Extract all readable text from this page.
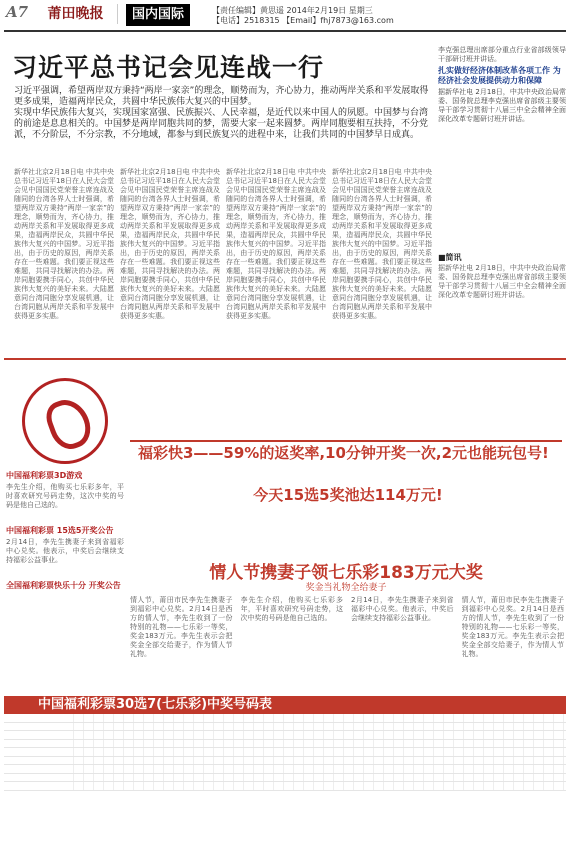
A7	莆田晚报	国内国际	【责任编辑】黄思遥 2014年2月19日 星期三
【电话】2518315 【Email】fhj7873@163.com
习近平总书记会见连战一行

习近平强调，希望两岸双方秉持“两岸一家亲”的理念，顺势而为，齐心协力，推动两岸关系和平发展取得更多成果，造福两岸民众，共圆中华民族伟大复兴的中国梦。

实现中华民族伟大复兴，实现国家富强、民族振兴、人民幸福，是近代以来中国人的夙愿。中国梦与台湾的前途是息息相关的。中国梦是两岸同胞共同的梦，需要大家一起来圆梦。两岸同胞要相互扶持，不分党派，不分阶层，不分宗教，不分地域，都参与到民族复兴的进程中来，让我们共同的中国梦早日成真。

新华社北京2月18日电 中共中央总书记习近平18日在人民大会堂会见中国国民党荣誉主席连战及随同的台湾各界人士时强调，希望两岸双方秉持“两岸一家亲”的理念，顺势而为，齐心协力，推动两岸关系和平发展取得更多成果，造福两岸民众，共圆中华民族伟大复兴的中国梦。习近平指出，由于历史的原因，两岸关系存在一些难题。我们要正视这些难题，共同寻找解决的办法。两岸同胞要携手同心，共创中华民族伟大复兴的美好未来。大陆愿意同台湾同胞分享发展机遇，让台湾同胞从两岸关系和平发展中获得更多实惠。
新华社北京2月18日电 中共中央总书记习近平18日在人民大会堂会见中国国民党荣誉主席连战及随同的台湾各界人士时强调，希望两岸双方秉持“两岸一家亲”的理念，顺势而为，齐心协力，推动两岸关系和平发展取得更多成果，造福两岸民众，共圆中华民族伟大复兴的中国梦。习近平指出，由于历史的原因，两岸关系存在一些难题。我们要正视这些难题，共同寻找解决的办法。两岸同胞要携手同心，共创中华民族伟大复兴的美好未来。大陆愿意同台湾同胞分享发展机遇，让台湾同胞从两岸关系和平发展中获得更多实惠。
新华社北京2月18日电 中共中央总书记习近平18日在人民大会堂会见中国国民党荣誉主席连战及随同的台湾各界人士时强调，希望两岸双方秉持“两岸一家亲”的理念，顺势而为，齐心协力，推动两岸关系和平发展取得更多成果，造福两岸民众，共圆中华民族伟大复兴的中国梦。习近平指出，由于历史的原因，两岸关系存在一些难题。我们要正视这些难题，共同寻找解决的办法。两岸同胞要携手同心，共创中华民族伟大复兴的美好未来。大陆愿意同台湾同胞分享发展机遇，让台湾同胞从两岸关系和平发展中获得更多实惠。
新华社北京2月18日电 中共中央总书记习近平18日在人民大会堂会见中国国民党荣誉主席连战及随同的台湾各界人士时强调，希望两岸双方秉持“两岸一家亲”的理念，顺势而为，齐心协力，推动两岸关系和平发展取得更多成果，造福两岸民众，共圆中华民族伟大复兴的中国梦。习近平指出，由于历史的原因，两岸关系存在一些难题。我们要正视这些难题，共同寻找解决的办法。两岸同胞要携手同心，共创中华民族伟大复兴的美好未来。大陆愿意同台湾同胞分享发展机遇，让台湾同胞从两岸关系和平发展中获得更多实惠。

李克强总理出席部分重点行业省部级领导干部研讨班并讲话。

扎实做好经济体制改革各项工作 为经济社会发展提供动力和保障

据新华社电 2月18日，中共中央政治局常委、国务院总理李克强出席省部级主要领导干部学习贯彻十八届三中全会精神全面深化改革专题研讨班并讲话。

■简讯
据新华社电 2月18日，中共中央政治局常委、国务院总理李克强出席省部级主要领导干部学习贯彻十八届三中全会精神全面深化改革专题研讨班并讲话。
中国福利彩票3D游戏
李先生介绍，他购买七乐彩多年，平时喜欢研究号码走势，这次中奖的号码是他自己选的。
中国福利彩票 15选5开奖公告
2月14日，李先生携妻子来到省福彩中心兑奖。他表示，中奖后会继续支持福彩公益事业。
全国福利彩票快乐十分 开奖公告
福彩快3——59%的返奖率,10分钟开奖一次,2元也能玩包号!
今天15选5奖池达114万元!
情人节携妻子领七乐彩183万元大奖
奖金当礼物全给妻子
情人节，莆田市民李先生携妻子到福彩中心兑奖。2月14日是西方的情人节，李先生收到了一份特别的礼物——七乐彩一等奖，奖金183万元。李先生表示会把奖金全部交给妻子，作为情人节礼物。
李先生介绍，他购买七乐彩多年，平时喜欢研究号码走势，这次中奖的号码是他自己选的。
2月14日，李先生携妻子来到省福彩中心兑奖。他表示，中奖后会继续支持福彩公益事业。
情人节，莆田市民李先生携妻子到福彩中心兑奖。2月14日是西方的情人节，李先生收到了一份特别的礼物——七乐彩一等奖，奖金183万元。李先生表示会把奖金全部交给妻子，作为情人节礼物。
中国福利彩票30选7(七乐彩)中奖号码表
